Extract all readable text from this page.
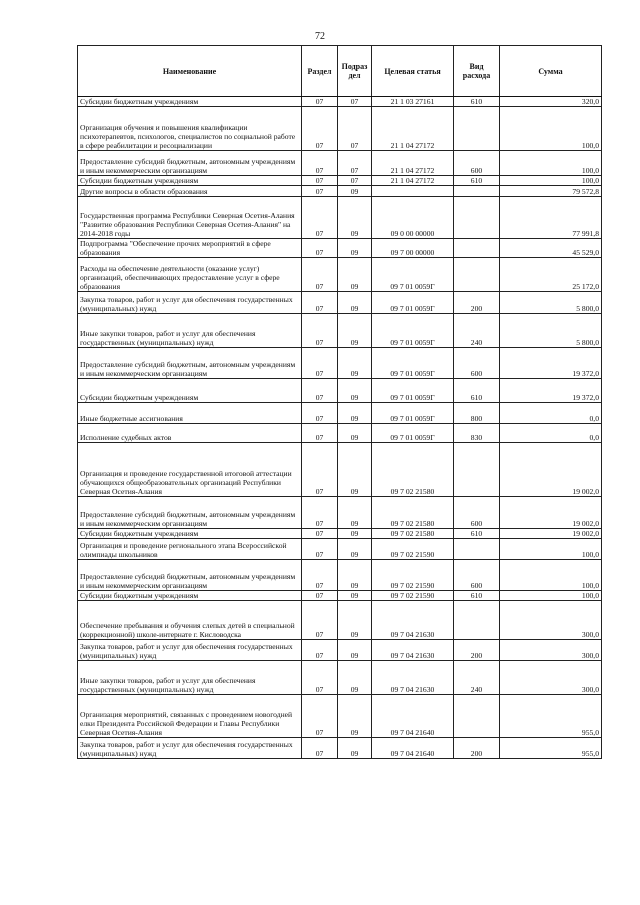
72
Наименование	Раздел	Подраз дел	Целевая статья	Вид расхода	Сумма
Субсидии бюджетным учреждениям	07	07	21 1 03 27161	610	320,0
Организация обучения и повышения квалификации психотерапевтов, психологов, специалистов по социальной работе в сфере реабилитации и ресоциализации	07	07	21 1 04 27172		100,0
Предоставление субсидий бюджетным, автономным учреждениям и иным некоммерческим организациям	07	07	21 1 04 27172	600	100,0
Субсидии бюджетным учреждениям	07	07	21 1 04 27172	610	100,0
Другие вопросы в области образования	07	09			79 572,8
Государственная программа Республики Северная Осетия-Алания "Развитие образования Республики Северная Осетия-Алания" на 2014-2018 годы	07	09	09 0 00 00000		77 991,8
Подпрограмма "Обеспечение прочих мероприятий в сфере образования	07	09	09 7 00 00000		45 529,0
Расходы на обеспечение деятельности (оказание услуг) организаций, обеспечивающих предоставление услуг в сфере образования	07	09	09 7 01 0059Г		25 172,0
Закупка товаров, работ и услуг для обеспечения государственных (муниципальных) нужд	07	09	09 7 01 0059Г	200	5 800,0
Иные закупки товаров, работ и услуг для обеспечения государственных (муниципальных) нужд	07	09	09 7 01 0059Г	240	5 800,0
Предоставление субсидий бюджетным, автономным учреждениям и иным некоммерческим организациям	07	09	09 7 01 0059Г	600	19 372,0
Субсидии бюджетным учреждениям	07	09	09 7 01 0059Г	610	19 372,0
Иные бюджетные ассигнования	07	09	09 7 01 0059Г	800	0,0
Исполнение судебных актов	07	09	09 7 01 0059Г	830	0,0
Организация и проведение государственной итоговой аттестации обучающихся общеобразовательных организаций Республики Северная Осетия-Алания	07	09	09 7 02 21580		19 002,0
Предоставление субсидий бюджетным, автономным учреждениям и иным некоммерческим организациям	07	09	09 7 02 21580	600	19 002,0
Субсидии бюджетным учреждениям	07	09	09 7 02 21580	610	19 002,0
Организация и проведение регионального этапа Всероссийской олимпиады школьников	07	09	09 7 02 21590		100,0
Предоставление субсидий бюджетным, автономным учреждениям и иным некоммерческим организациям	07	09	09 7 02 21590	600	100,0
Субсидии бюджетным учреждениям	07	09	09 7 02 21590	610	100,0
Обеспечение пребывания и обучения слепых детей в специальной (коррекционной) школе-интернате г. Кисловодска	07	09	09 7 04 21630		300,0
Закупка товаров, работ и услуг для обеспечения государственных (муниципальных) нужд	07	09	09 7 04 21630	200	300,0
Иные закупки товаров, работ и услуг для обеспечения государственных (муниципальных) нужд	07	09	09 7 04 21630	240	300,0
Организация мероприятий, связанных с проведением новогодней елки Президента Российской Федерации и Главы Республики Северная Осетия-Алания	07	09	09 7 04 21640		955,0
Закупка товаров, работ и услуг для обеспечения государственных (муниципальных) нужд	07	09	09 7 04 21640	200	955,0
